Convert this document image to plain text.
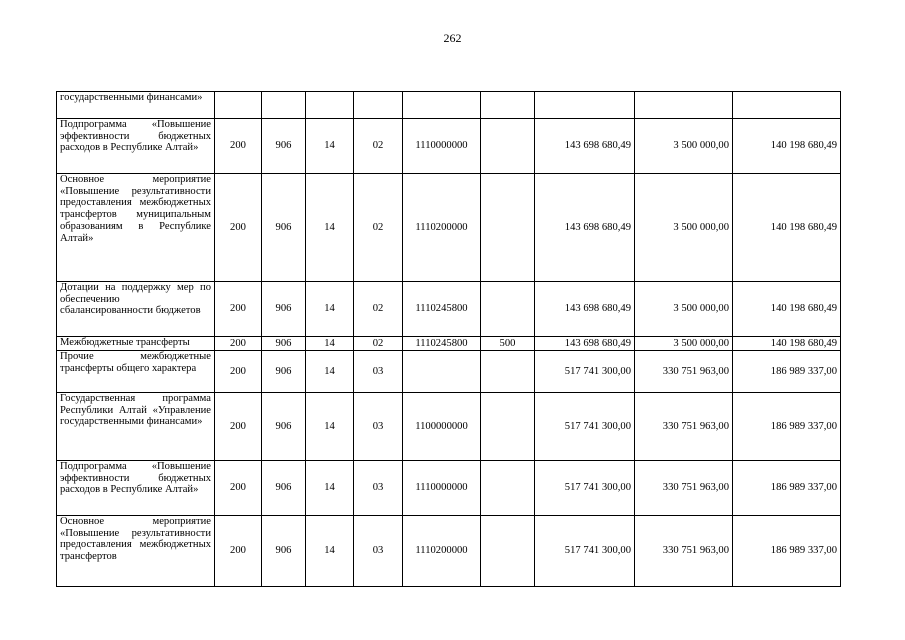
262
государственными финансами»									
Подпрограмма «Повышение эффективности бюджетных расходов в Республике Алтай»	200	906	14	02	1110000000		143 698 680,49	3 500 000,00	140 198 680,49
Основное мероприятие «Повышение результативности предоставления межбюджетных трансфертов муниципальным образованиям в Республике Алтай»	200	906	14	02	1110200000		143 698 680,49	3 500 000,00	140 198 680,49
Дотации на поддержку мер по обеспечению сбалансированности бюджетов	200	906	14	02	1110245800		143 698 680,49	3 500 000,00	140 198 680,49
Межбюджетные трансферты	200	906	14	02	1110245800	500	143 698 680,49	3 500 000,00	140 198 680,49
Прочие межбюджетные трансферты общего характера	200	906	14	03			517 741 300,00	330 751 963,00	186 989 337,00
Государственная программа Республики Алтай «Управление государственными финансами»	200	906	14	03	1100000000		517 741 300,00	330 751 963,00	186 989 337,00
Подпрограмма «Повышение эффективности бюджетных расходов в Республике Алтай»	200	906	14	03	1110000000		517 741 300,00	330 751 963,00	186 989 337,00
Основное мероприятие «Повышение результативности предоставления межбюджетных трансфертов	200	906	14	03	1110200000		517 741 300,00	330 751 963,00	186 989 337,00
